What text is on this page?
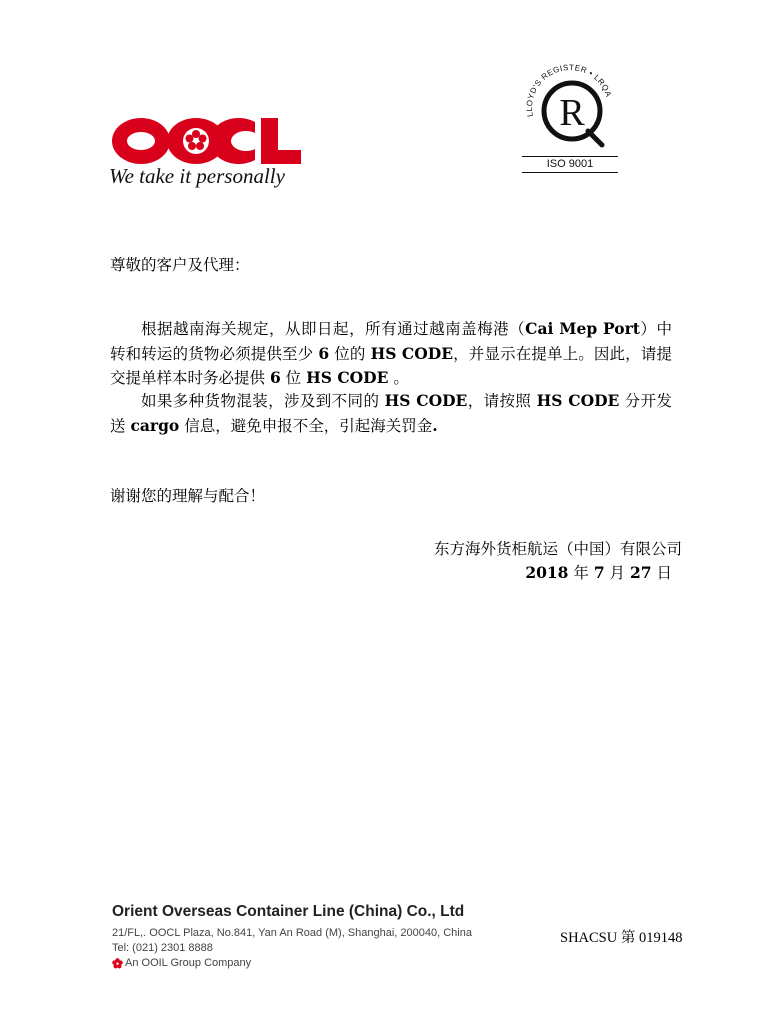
We take it personally
LLOYD'S REGISTER • LRQA
R
ISO 9001
尊敬的客户及代理：

根据越南海关规定，从即日起，所有通过越南盖梅港（Cai Mep Port）中转和转运的货物必须提供至少 6 位的 HS CODE，并显示在提单上。因此，请提交提单样本时务必提供 6 位 HS CODE 。

如果多种货物混装，涉及到不同的 HS CODE，请按照 HS CODE 分开发送 cargo 信息，避免申报不全，引起海关罚金.

谢谢您的理解与配合！
东方海外货柜航运（中国）有限公司
2018 年 7 月 27 日
Orient Overseas Container Line (China) Co., Ltd
21/FL,. OOCL Plaza, No.841, Yan An Road (M), Shanghai, 200040, China
Tel: (021) 2301 8888
An OOIL Group Company
SHACSU 第 019148
